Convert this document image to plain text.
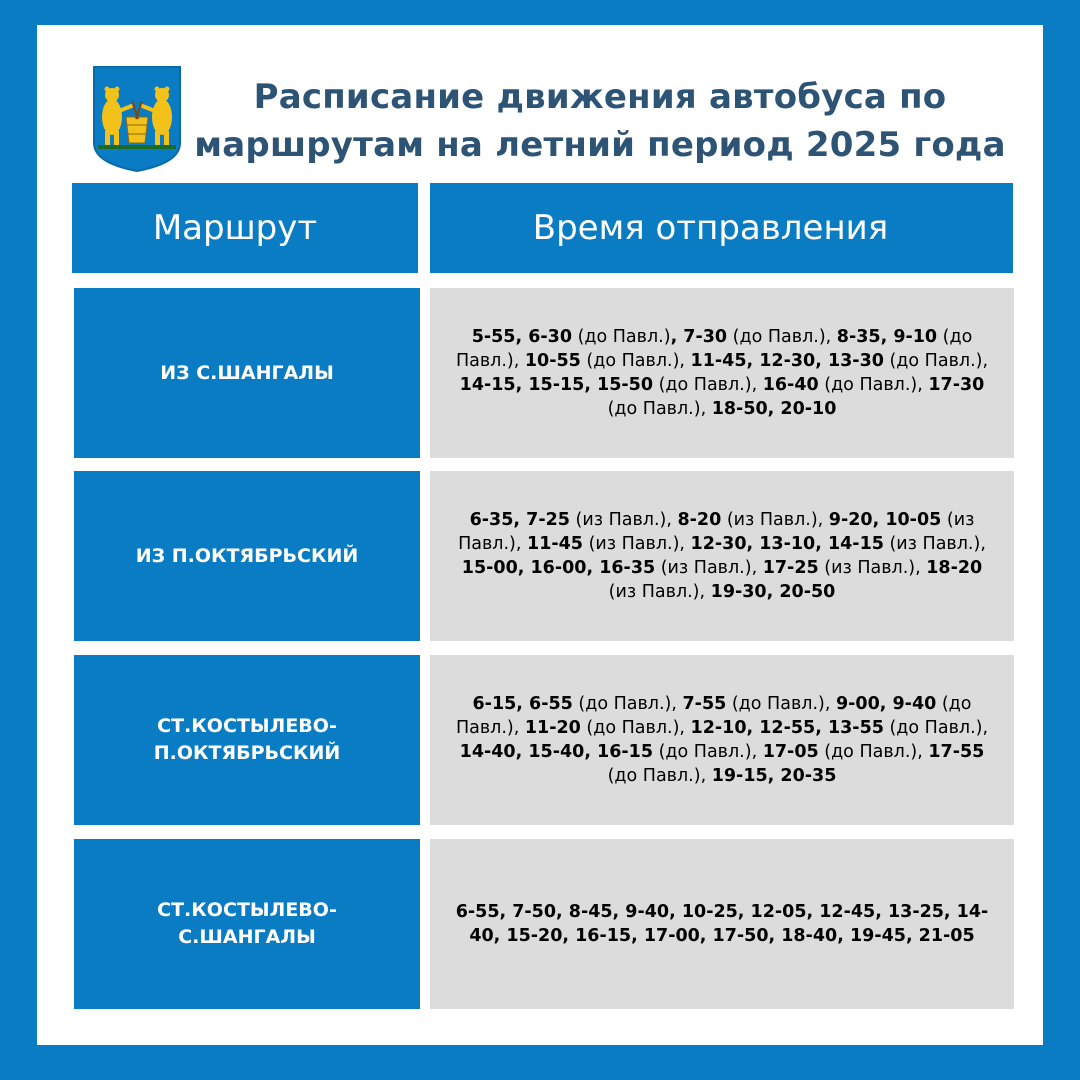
Расписание движения автобуса по
маршрутам на летний период 2025 года
Маршрут	Время отправления
ИЗ С.ШАНГАЛЫ
5-55, 6-30 (до Павл.), 7-30 (до Павл.), 8-35, 9-10 (до Павл.), 10-55 (до Павл.), 11-45, 12-30, 13-30 (до Павл.), 14-15, 15-15, 15-50 (до Павл.), 16-40 (до Павл.), 17-30 (до Павл.), 18-50, 20-10
ИЗ П.ОКТЯБРЬСКИЙ
6-35, 7-25 (из Павл.), 8-20 (из Павл.), 9-20, 10-05 (из Павл.), 11-45 (из Павл.), 12-30, 13-10, 14-15 (из Павл.), 15-00, 16-00, 16-35 (из Павл.), 17-25 (из Павл.), 18-20 (из Павл.), 19-30, 20-50
СТ.КОСТЫЛЕВО-
П.ОКТЯБРЬСКИЙ
6-15, 6-55 (до Павл.), 7-55 (до Павл.), 9-00, 9-40 (до Павл.), 11-20 (до Павл.), 12-10, 12-55, 13-55 (до Павл.), 14-40, 15-40, 16-15 (до Павл.), 17-05 (до Павл.), 17-55 (до Павл.), 19-15, 20-35
СТ.КОСТЫЛЕВО-
С.ШАНГАЛЫ
6-55, 7-50, 8-45, 9-40, 10-25, 12-05, 12-45, 13-25, 14-40, 15-20, 16-15, 17-00, 17-50, 18-40, 19-45, 21-05
